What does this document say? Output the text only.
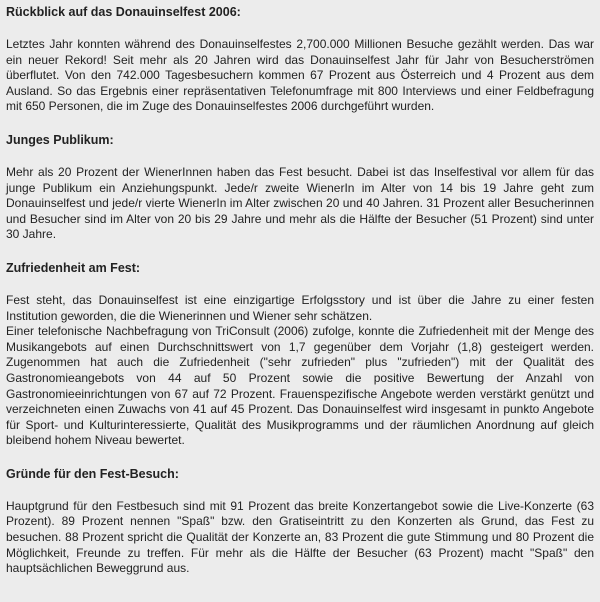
Rückblick auf das Donauinselfest 2006:
Letztes Jahr konnten während des Donauinselfestes 2,700.000 Millionen Besuche gezählt werden. Das war ein neuer Rekord! Seit mehr als 20 Jahren wird das Donauinselfest Jahr für Jahr von Besucherströmen überflutet. Von den 742.000 Tagesbesuchern kommen 67 Prozent aus Österreich und 4 Prozent aus dem Ausland. So das Ergebnis einer repräsentativen Telefonumfrage mit 800 Interviews und einer Feldbefragung mit 650 Personen, die im Zuge des Donauinselfestes 2006 durchgeführt wurden.
Junges Publikum:
Mehr als 20 Prozent der WienerInnen haben das Fest besucht. Dabei ist das Inselfestival vor allem für das junge Publikum ein Anziehungspunkt. Jede/r zweite WienerIn im Alter von 14 bis 19 Jahre geht zum Donauinselfest und jede/r vierte WienerIn im Alter zwischen 20 und 40 Jahren. 31 Prozent aller Besucherinnen und Besucher sind im Alter von 20 bis 29 Jahre und mehr als die Hälfte der Besucher (51 Prozent) sind unter 30 Jahre.
Zufriedenheit am Fest:
Fest steht, das Donauinselfest ist eine einzigartige Erfolgsstory und ist über die Jahre zu einer festen Institution geworden, die die Wienerinnen und Wiener sehr schätzen.
Einer telefonische Nachbefragung von TriConsult (2006) zufolge, konnte die Zufriedenheit mit der Menge des Musikangebots auf einen Durchschnittswert von 1,7 gegenüber dem Vorjahr (1,8) gesteigert werden. Zugenommen hat auch die Zufriedenheit ("sehr zufrieden" plus "zufrieden") mit der Qualität des Gastronomieangebots von 44 auf 50 Prozent sowie die positive Bewertung der Anzahl von Gastronomieeinrichtungen von 67 auf 72 Prozent. Frauenspezifische Angebote werden verstärkt genützt und verzeichneten einen Zuwachs von 41 auf 45 Prozent. Das Donauinselfest wird insgesamt in punkto Angebote für Sport- und Kulturinteressierte, Qualität des Musikprogramms und der räumlichen Anordnung auf gleich bleibend hohem Niveau bewertet.
Gründe für den Fest-Besuch:
Hauptgrund für den Festbesuch sind mit 91 Prozent das breite Konzertangebot sowie die Live-Konzerte (63 Prozent). 89 Prozent nennen "Spaß" bzw. den Gratiseintritt zu den Konzerten als Grund, das Fest zu besuchen. 88 Prozent spricht die Qualität der Konzerte an, 83 Prozent die gute Stimmung und 80 Prozent die Möglichkeit, Freunde zu treffen. Für mehr als die Hälfte der Besucher (63 Prozent) macht "Spaß" den hauptsächlichen Beweggrund aus.
